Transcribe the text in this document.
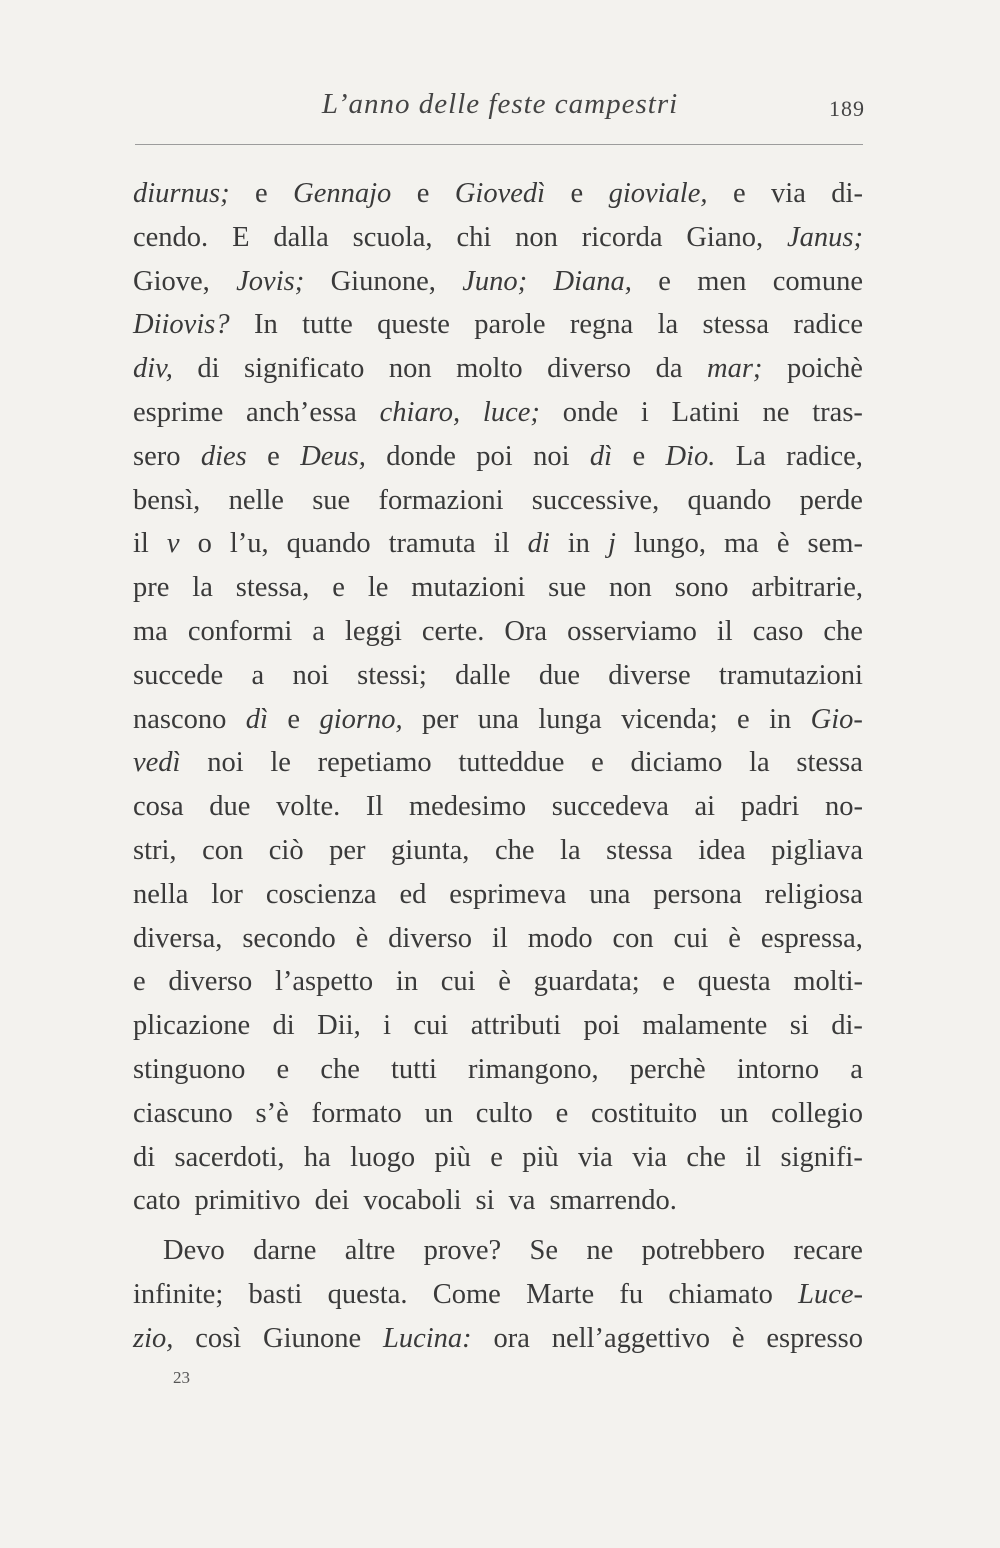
L’anno delle feste campestri	189
diurnus; e Gennajo e Giovedì e gioviale, e via di-
cendo. E dalla scuola, chi non ricorda Giano, Janus;
Giove, Jovis; Giunone, Juno; Diana, e men comune
Diiovis? In tutte queste parole regna la stessa radice
div, di significato non molto diverso da mar; poichè
esprime anch’essa chiaro, luce; onde i Latini ne tras-
sero dies e Deus, donde poi noi dì e Dio. La radice,
bensì, nelle sue formazioni successive, quando perde
il v o l’u, quando tramuta il di in j lungo, ma è sem-
pre la stessa, e le mutazioni sue non sono arbitrarie,
ma conformi a leggi certe. Ora osserviamo il caso che
succede a noi stessi; dalle due diverse tramutazioni
nascono dì e giorno, per una lunga vicenda; e in Gio-
vedì noi le repetiamo tutteddue e diciamo la stessa
cosa due volte. Il medesimo succedeva ai padri no-
stri, con ciò per giunta, che la stessa idea pigliava
nella lor coscienza ed esprimeva una persona religiosa
diversa, secondo è diverso il modo con cui è espressa,
e diverso l’aspetto in cui è guardata; e questa molti-
plicazione di Dii, i cui attributi poi malamente si di-
stinguono e che tutti rimangono, perchè intorno a
ciascuno s’è formato un culto e costituito un collegio
di sacerdoti, ha luogo più e più via via che il signifi-
cato primitivo dei vocaboli si va smarrendo.
Devo darne altre prove? Se ne potrebbero recare
infinite; basti questa. Come Marte fu chiamato Luce-
zio, così Giunone Lucina: ora nell’aggettivo è espresso
23
